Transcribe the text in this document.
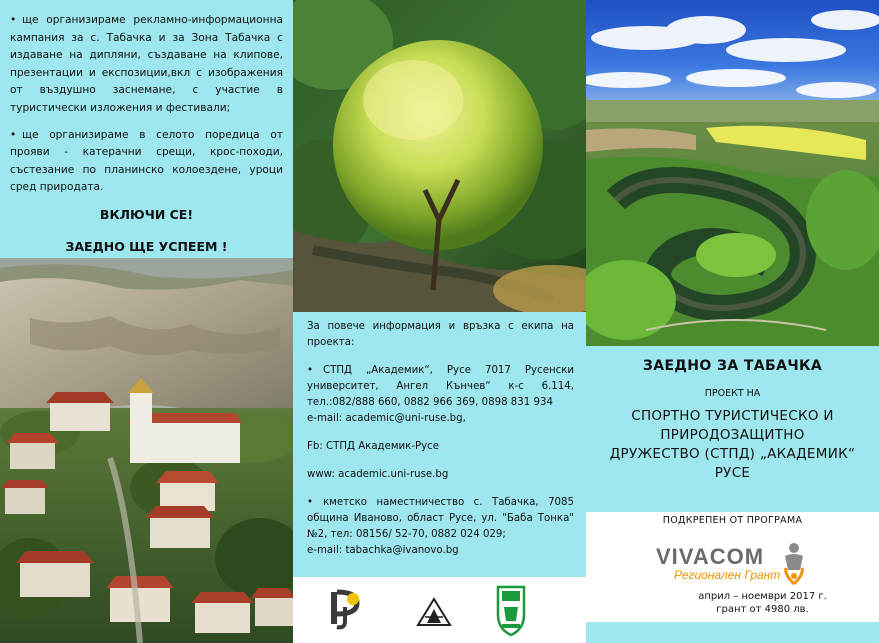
• ще организираме рекламно-информационна кампания за с. Табачка и за Зона Табачка с издаване на дипляни, създаване на клипове, презентации и експозиции,вкл с изображения от въздушно заснемане, с участие в туристически изложения и фестивали;

• ще организираме в селото поредица от прояви - катерачни срещи, крос-походи, състезание по планинско колоездене, уроци сред природата.

ВКЛЮЧИ СЕ!

ЗАЕДНО ЩЕ УСПЕЕМ !

За повече информация и връзка с екипа на проекта:

• СТПД „Академик“, Русе 7017 Русенски университет, Ангел Кънчев“ к-с 6.114, тел.:082/888 660, 0882 966 369, 0898 831 934
e-mail: academic@uni-ruse.bg,

Fb: СТПД Академик-Русе

www: academic.uni-ruse.bg

• кметско наместничество с. Табачка, 7085 община Иваново, област Русе, ул. "Баба Тонка" №2, тел: 08156/ 52-70, 0882 024 029;
e-mail: tabachka@ivanovo.bg

ЗАЕДНО ЗА ТАБАЧКА

ПРОЕКТ НА

СПОРТНО ТУРИСТИЧЕСКО И
ПРИРОДОЗАЩИТНО
ДРУЖЕСТВО (СТПД) „АКАДЕМИК“
РУСЕ

ПОДКРЕПЕН ОТ ПРОГРАМА

VIVACOM
Регионален Грант
април – ноември 2017 г.
грант от 4980 лв.
